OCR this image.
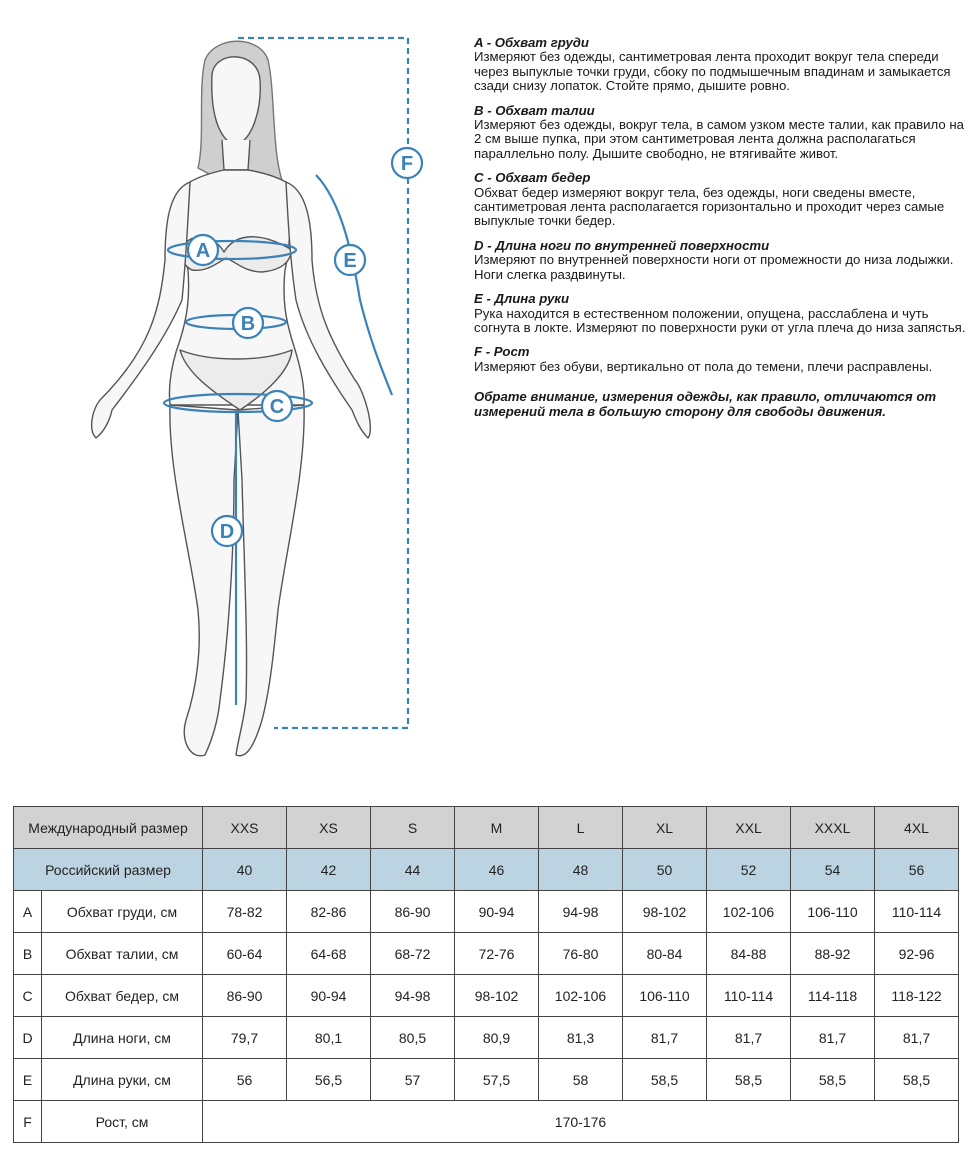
A
B
C
D
E
F
A - Обхват груди
Измеряют без одежды, сантиметровая лента проходит вокруг тела спереди через выпуклые точки груди, сбоку по подмышечным впадинам и замыкается сзади снизу лопаток. Стойте прямо, дышите ровно.
B - Обхват талии
Измеряют без одежды, вокруг тела, в самом узком месте талии, как правило на 2 см выше пупка, при этом сантиметровая лента должна располагаться параллельно полу. Дышите свободно, не втягивайте живот.
C - Обхват бедер
Обхват бедер измеряют вокруг тела, без одежды, ноги сведены вместе, сантиметровая лента располагается горизонтально и проходит через самые выпуклые точки бедер.
D - Длина ноги по внутренней поверхности
Измеряют по внутренней поверхности ноги от промежности до низа лодыжки. Ноги слегка раздвинуты.
E - Длина руки
Рука находится в естественном положении, опущена, расслаблена и чуть согнута в локте. Измеряют по поверхности руки от угла плеча до низа запястья.
F - Рост
Измеряют без обуви, вертикально от пола до темени, плечи расправлены.
Обрате внимание, измерения одежды, как правило, отличаются от измерений тела в большую сторону для свободы движения.
Международный размер		XXS	XS	S	M	L	XL	XXL	XXXL	4XL
Российский размер		40	42	44	46	48	50	52	54	56
A	Обхват груди, см	78-82	82-86	86-90	90-94	94-98	98-102	102-106	106-110	110-114
B	Обхват талии, см	60-64	64-68	68-72	72-76	76-80	80-84	84-88	88-92	92-96
C	Обхват бедер, см	86-90	90-94	94-98	98-102	102-106	106-110	110-114	114-118	118-122
D	Длина ноги, см	79,7	80,1	80,5	80,9	81,3	81,7	81,7	81,7	81,7
E	Длина руки, см	56	56,5	57	57,5	58	58,5	58,5	58,5	58,5
F	Рост, см	170-176								
